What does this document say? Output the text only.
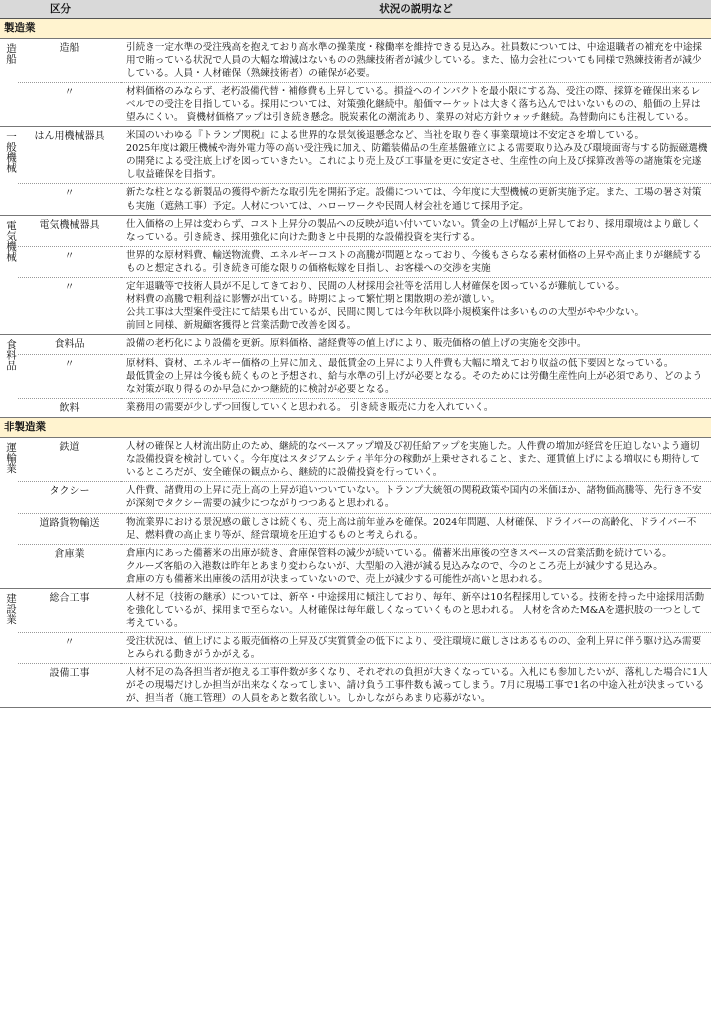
区分		状況の説明など
製造業		
造船	造船	引続き一定水準の受注残高を抱えており高水準の操業度・稼働率を維持できる見込み。社員数については、中途退職者の補充を中途採用で賄っている状況で人員の大幅な増減はないものの熟練技術者が減少している。また、協力会社についても同様で熟練技術者が減少している。人員・人材確保（熟練技術者）の確保が必要。

	〃	材料価格のみならず、老朽設備代替・補修費も上昇している。損益へのインパクトを最小限にする為、受注の際、採算を確保出来るレベルでの受注を目指している。採用については、対策強化継続中。船価マーケットは大きく落ち込んではいないものの、船価の上昇は望みにくい。 資機材価格アップは引き続き懸念。脱炭素化の潮流あり、業界の対応方針ウォッチ継続。為替動向にも注視している。

一般機械	はん用機械器具	米国のいわゆる『トランプ関税』による世界的な景気後退懸念など、当社を取り巻く事業環境は不安定さを増している。
2025年度は鍛圧機械や海外電力等の高い受注残に加え、防鑑装備品の生産基盤確立による需要取り込み及び環境面寄与する防振磁選機の開発による受注底上げを図っていきたい。これにより売上及び工事量を更に安定させ、生産性の向上及び採算改善等の諸施策を完遂し収益確保を目指す。

	〃	新たな柱となる新製品の獲得や新たな取引先を開拓予定。設備については、今年度に大型機械の更新実施予定。また、工場の暑さ対策も実施（遮熱工事）予定。人材については、ハローワークや民間人材会社を通じて採用予定。

電気機械	電気機械器具	仕入価格の上昇は変わらず、コスト上昇分の製品への反映が追い付いていない。賃金の上げ幅が上昇しており、採用環境はより厳しくなっている。引き続き、採用強化に向けた動きと中長期的な設備投資を実行する。

	〃	世界的な原材料費、輸送物流費、エネルギーコストの高騰が問題となっており、今後もさらなる素材価格の上昇や高止まりが継続するものと想定される。引き続き可能な限りの価格転嫁を目指し、お客様への交渉を実施

	〃	定年退職等で技術人員が不足してきており、民間の人材採用会社等を活用し人材確保を図っているが難航している。
材料費の高騰で粗利益に影響が出ている。時期によって繁忙期と閑散期の差が激しい。
公共工事は大型案件受注にて結果も出ているが、民間に関しては今年秋以降小規模案件は多いものの大型がやや少ない。
前回と同様、新規顧客獲得と営業活動で改善を図る。

食料品	食料品	設備の老朽化により設備を更新。原料価格、諸経費等の値上げにより、販売価格の値上げの実施を交渉中。

	〃	原材料、資材、エネルギー価格の上昇に加え、最低賃金の上昇により人件費も大幅に増えており収益の低下要因となっている。
最低賃金の上昇は今後も続くものと予想され、給与水準の引上げが必要となる。そのためには労働生産性向上が必須であり、どのような対策が取り得るのか早急にかつ継続的に検討が必要となる。

	飲料	業務用の需要が少しずつ回復していくと思われる。 引き続き販売に力を入れていく。

非製造業		
運輸業	鉄道	人材の確保と人材流出防止のため、継続的なベースアップ増及び初任給アップを実施した。人件費の増加が経営を圧迫しないよう適切な設備投資を検討していく。今年度はスタジアムシティ半年分の稼動が上乗せされること、また、運賃値上げによる増収にも期待しているところだが、安全確保の観点から、継続的に設備投資を行っていく。

	タクシー	人件費、諸費用の上昇に売上高の上昇が追いついていない。トランプ大統領の関税政策や国内の米価ほか、諸物価高騰等、先行き不安が深刻でタクシー需要の減少につながりつつあると思われる。

	道路貨物輸送	物流業界における景況感の厳しさは続くも、売上高は前年並みを確保。2024年問題、人材確保、ドライバーの高齢化、ドライバー不足、燃料費の高止まり等が、経営環境を圧迫するものと考えられる。

	倉庫業	倉庫内にあった備蓄米の出庫が続き、倉庫保管料の減少が続いている。備蓄米出庫後の空きスペースの営業活動を続けている。
クルーズ客船の入港数は昨年とあまり変わらないが、大型船の入港が減る見込みなので、今のところ売上が減少する見込み。
倉庫の方も備蓄米出庫後の活用が決まっていないので、売上が減少する可能性が高いと思われる。

建設業	総合工事	人材不足（技術の継承）については、新卒・中途採用に傾注しており、毎年、新卒は10名程採用している。技術を持った中途採用活動を強化しているが、採用まで至らない。人材確保は毎年厳しくなっていくものと思われる。 人材を含めたM&Aを選択肢の一つとして考えている。

	〃	受注状況は、値上げによる販売価格の上昇及び実質賃金の低下により、受注環境に厳しさはあるものの、金利上昇に伴う駆け込み需要とみられる動きがうかがえる。

	設備工事	人材不足の為各担当者が抱える工事件数が多くなり、それぞれの負担が大きくなっている。入札にも参加したいが、落札した場合に1人がその現場だけしか担当が出来なくなってしまい、請け負う工事件数も減ってしまう。7月に現場工事で1名の中途入社が決まっているが、担当者（施工管理）の人員をあと数名欲しい。しかしながらあまり応募がない。
